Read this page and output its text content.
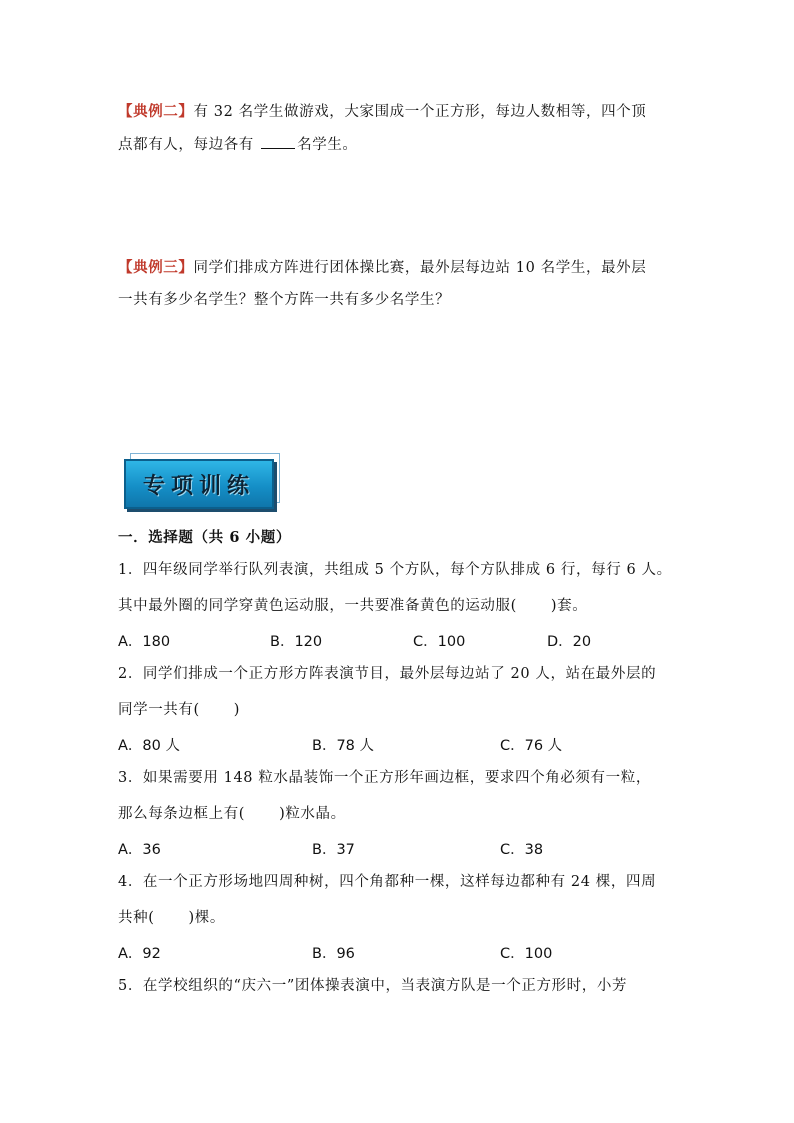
【典例二】有 32 名学生做游戏，大家围成一个正方形，每边人数相等，四个顶
点都有人，每边各有	名学生。
【典例三】同学们排成方阵进行团体操比赛，最外层每边站 10 名学生，最外层
一共有多少名学生？整个方阵一共有多少名学生？
专项训练
一．选择题（共 6 小题）
1．四年级同学举行队列表演，共组成 5 个方队，每个方队排成 6 行，每行 6 人。
其中最外圈的同学穿黄色运动服，一共要准备黄色的运动服( )套。
A．180	B．120	C．100	D．20
2．同学们排成一个正方形方阵表演节目，最外层每边站了 20 人，站在最外层的
同学一共有( )
A．80 人	B．78 人	C．76 人
3．如果需要用 148 粒水晶装饰一个正方形年画边框，要求四个角必须有一粒，
那么每条边框上有( )粒水晶。
A．36	B．37	C．38
4．在一个正方形场地四周种树，四个角都种一棵，这样每边都种有 24 棵，四周
共种( )棵。
A．92	B．96	C．100
5．在学校组织的“庆六一”团体操表演中，当表演方队是一个正方形时，小芳
